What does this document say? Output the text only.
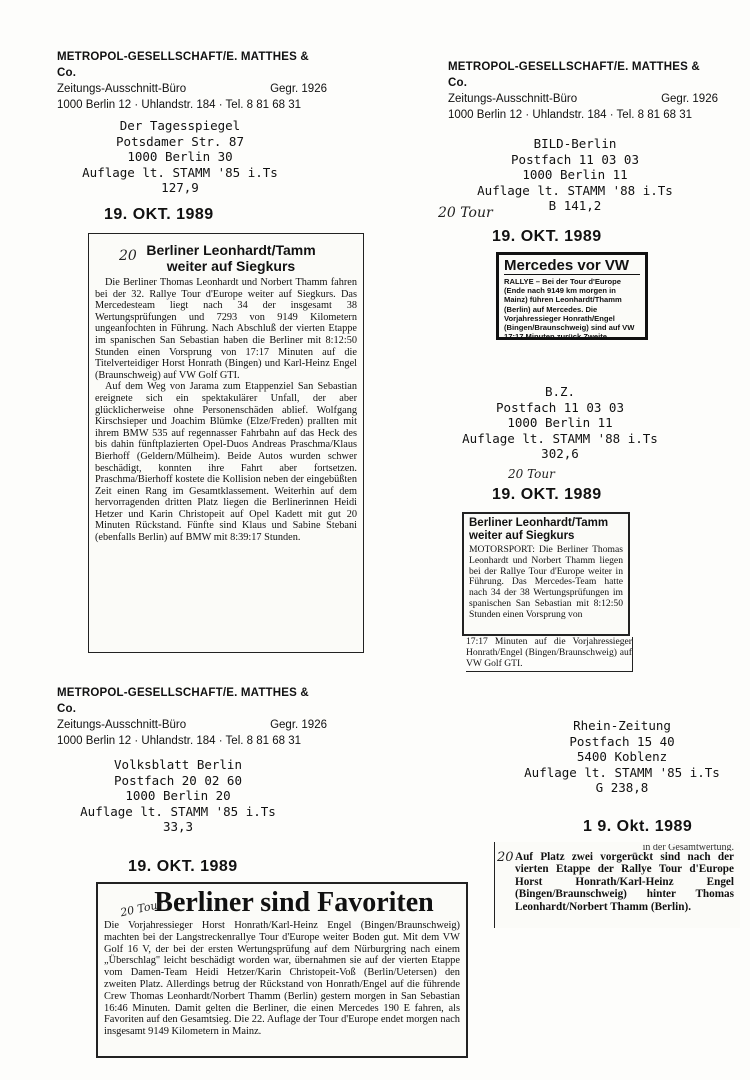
METROPOL-GESELLSCHAFT/E. MATTHES & Co.
Zeitungs-Ausschnitt-Büro	Gegr. 1926
1000 Berlin 12 · Uhlandstr. 184 · Tel. 8 81 68 31
METROPOL-GESELLSCHAFT/E. MATTHES & Co.
Zeitungs-Ausschnitt-Büro	Gegr. 1926
1000 Berlin 12 · Uhlandstr. 184 · Tel. 8 81 68 31
Der Tagesspiegel
Potsdamer Str. 87
1000 Berlin 30
Auflage lt. STAMM '85 i.Ts
127,9
19. OKT. 1989
20 Berliner Leonhardt/Tamm weiter auf Siegkurs

Die Berliner Thomas Leonhardt und Norbert Thamm fahren bei der 32. Rallye Tour d'Europe weiter auf Siegkurs. Das Mercedesteam liegt nach 34 der insgesamt 38 Wertungsprüfungen und 7293 von 9149 Kilometern ungeanfochten in Führung. Nach Abschluß der vierten Etappe im spanischen San Sebastian haben die Berliner mit 8:12:50 Stunden einen Vorsprung von 17:17 Minuten auf die Titelverteidiger Horst Honrath (Bingen) und Karl-Heinz Engel (Braunschweig) auf VW Golf GTI.

Auf dem Weg von Jarama zum Etappenziel San Sebastian ereignete sich ein spektakulärer Unfall, der aber glücklicherweise ohne Personenschäden ablief. Wolfgang Kirschsieper und Joachim Blümke (Elze/Freden) prallten mit ihrem BMW 535 auf regennasser Fahrbahn auf das Heck des bis dahin fünftplazierten Opel-Duos Andreas Praschma/Klaus Bierhoff (Geldern/Mülheim). Beide Autos wurden schwer beschädigt, konnten ihre Fahrt aber fortsetzen. Praschma/Bierhoff kostete die Kollision neben der eingebüßten Zeit einen Rang im Gesamtklassement. Weiterhin auf dem hervorragenden dritten Platz liegen die Berlinerinnen Heidi Hetzer und Karin Christopeit auf Opel Kadett mit gut 20 Minuten Rückstand. Fünfte sind Klaus und Sabine Stebani (ebenfalls Berlin) auf BMW mit 8:39:17 Stunden.

BILD-Berlin
Postfach 11 03 03
1000 Berlin 11
Auflage lt. STAMM '88 i.Ts
B 141,2
20 Tour
19. OKT. 1989
Mercedes vor VW
RALLYE – Bei der Tour d'Europe (Ende nach 9149 km morgen in Mainz) führen Leonhardt/Thamm (Berlin) auf Mercedes. Die Vorjahressieger Honrath/Engel (Bingen/Braunschweig) sind auf VW 17:17 Minuten zurück Zweite.
B.Z.
Postfach 11 03 03
1000 Berlin 11
Auflage lt. STAMM '88 i.Ts
302,6
20 Tour
19. OKT. 1989
Berliner Leonhardt/Tamm weiter auf Siegkurs
MOTORSPORT: Die Berliner Thomas Leonhardt und Norbert Thamm liegen bei der Rallye Tour d'Europe weiter in Führung. Das Mercedes-Team hatte nach 34 der 38 Wertungsprüfungen im spanischen San Sebastian mit 8:12:50 Stunden einen Vorsprung von
17:17 Minuten auf die Vorjahressieger Honrath/Engel (Bingen/Braunschweig) auf VW Golf GTI.
METROPOL-GESELLSCHAFT/E. MATTHES & Co.
Zeitungs-Ausschnitt-Büro	Gegr. 1926
1000 Berlin 12 · Uhlandstr. 184 · Tel. 8 81 68 31
Volksblatt Berlin
Postfach 20 02 60
1000 Berlin 20
Auflage lt. STAMM '85 i.Ts
33,3
19. OKT. 1989
20 Tour
Berliner sind Favoriten
Die Vorjahressieger Horst Honrath/Karl-Heinz Engel (Bingen/Braunschweig) machten bei der Langstreckenrallye Tour d'Europe weiter Boden gut. Mit dem VW Golf 16 V, der bei der ersten Wertungsprüfung auf dem Nürburgring nach einem „Überschlag" leicht beschädigt worden war, übernahmen sie auf der vierten Etappe vom Damen-Team Heidi Hetzer/Karin Christopeit-Voß (Berlin/Uetersen) den zweiten Platz. Allerdings betrug der Rückstand von Honrath/Engel auf die führende Crew Thomas Leonhardt/Norbert Thamm (Berlin) gestern morgen in San Sebastian 16:46 Minuten. Damit gelten die Berliner, die einen Mercedes 190 E fahren, als Favoriten auf den Gesamtsieg. Die 22. Auflage der Tour d'Europe endet morgen nach insgesamt 9149 Kilometern in Mainz.
Rhein-Zeitung
Postfach 15 40
5400 Koblenz
Auflage lt. STAMM '85 i.Ts
G 238,8
1 9. Okt. 1989
20
in der Gesamtwertung.
Auf Platz zwei vorgerückt sind nach der vierten Etappe der Rallye Tour d'Europe Horst Honrath/Karl-Heinz Engel (Bingen/Braunschweig) hinter Thomas Leonhardt/Norbert Thamm (Berlin).
